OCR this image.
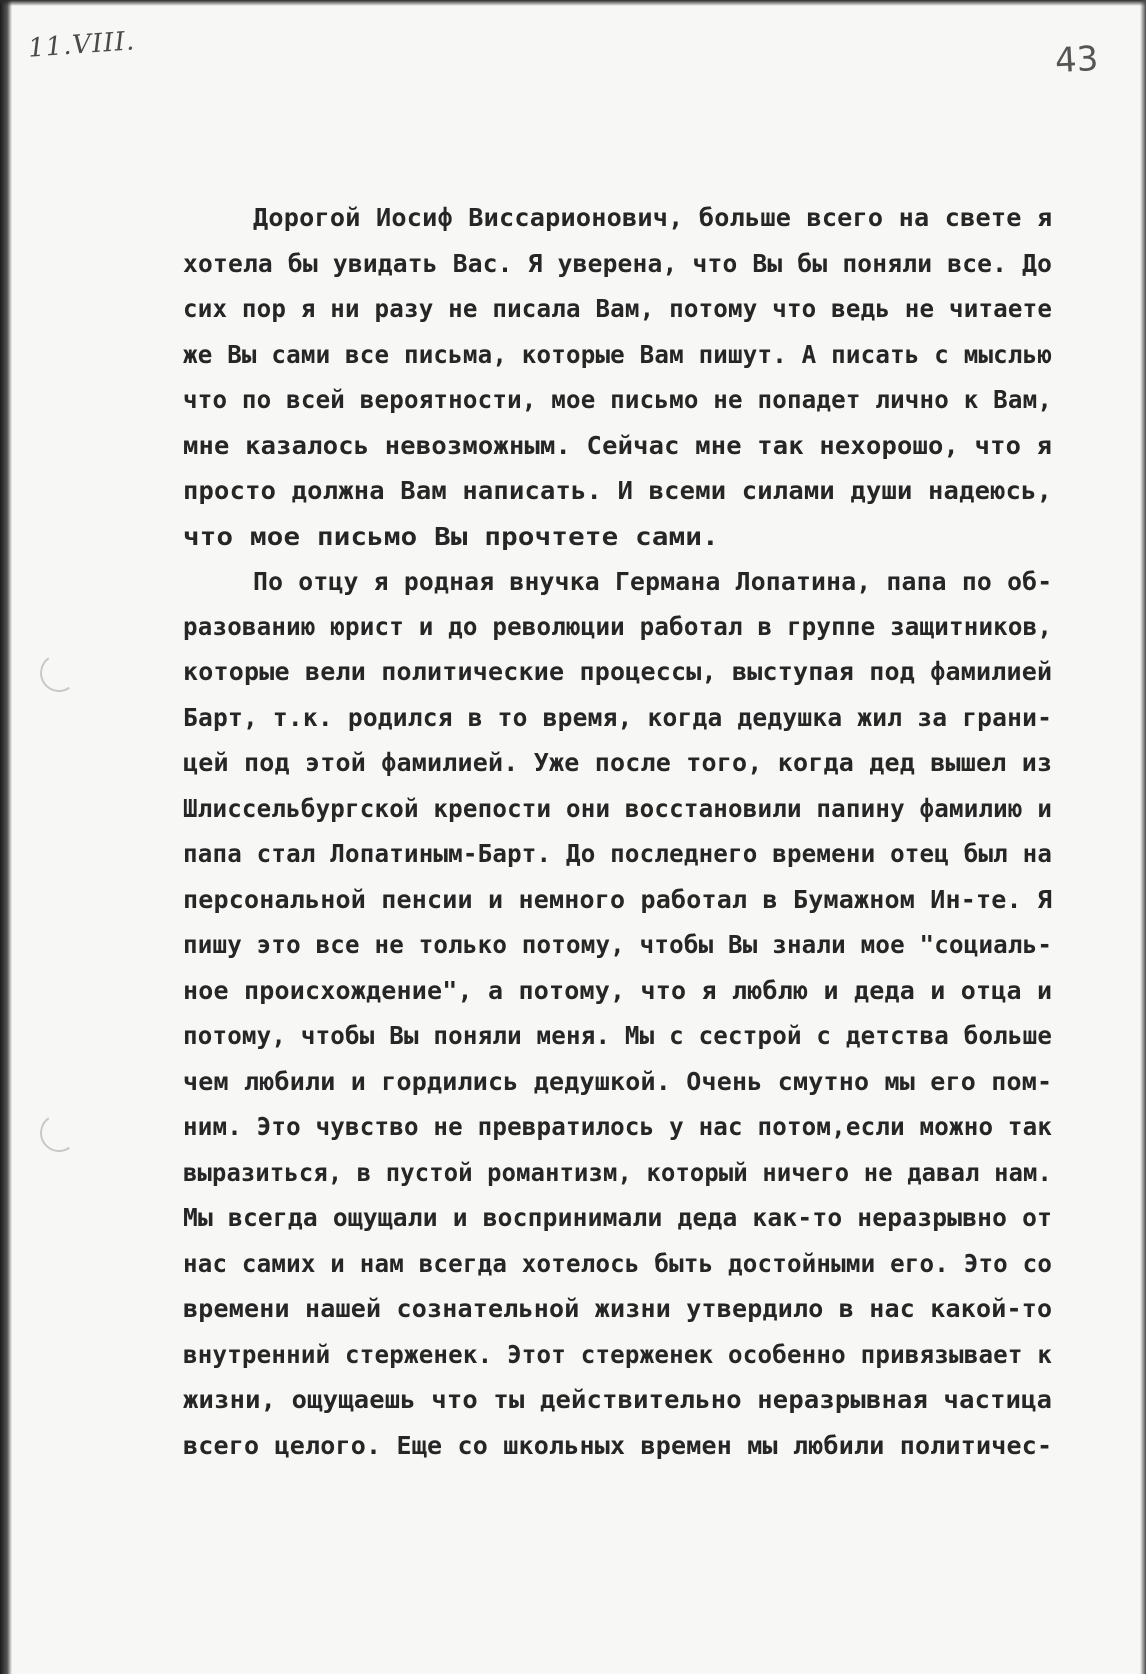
11.VIII.	43
Дорогой Иосиф Виссарионович, больше всего на свете я
хотела бы увидать Вас. Я уверена, что Вы бы поняли все. До
сих пор я ни разу не писала Вам, потому что ведь не читаете
же Вы сами все письма, которые Вам пишут. А писать с мыслью
что по всей вероятности, мое письмо не попадет лично к Вам,
мне казалось невозможным. Сейчас мне так нехорошо, что я
просто должна Вам написать. И всеми силами души надеюсь,
что мое письмо Вы прочтете сами.
По отцу я родная внучка Германа Лопатина, папа по об-
разованию юрист и до революции работал в группе защитников,
которые вели политические процессы, выступая под фамилией
Барт, т.к. родился в то время, когда дедушка жил за грани-
цей под этой фамилией. Уже после того, когда дед вышел из
Шлиссельбургской крепости они восстановили папину фамилию и
папа стал Лопатиным-Барт. До последнего времени отец был на
персональной пенсии и немного работал в Бумажном Ин-те. Я
пишу это все не только потому, чтобы Вы знали мое "социаль-
ное происхождение", а потому, что я люблю и деда и отца и
потому, чтобы Вы поняли меня. Мы с сестрой с детства больше
чем любили и гордились дедушкой. Очень смутно мы его пом-
ним. Это чувство не превратилось у нас потом,если можно так
выразиться, в пустой романтизм, который ничего не давал нам.
Мы всегда ощущали и воспринимали деда как-то неразрывно от
нас самих и нам всегда хотелось быть достойными его. Это со
времени нашей сознательной жизни утвердило в нас какой-то
внутренний стерженек. Этот стерженек особенно привязывает к
жизни, ощущаешь что ты действительно неразрывная частица
всего целого. Еще со школьных времен мы любили политичес-
